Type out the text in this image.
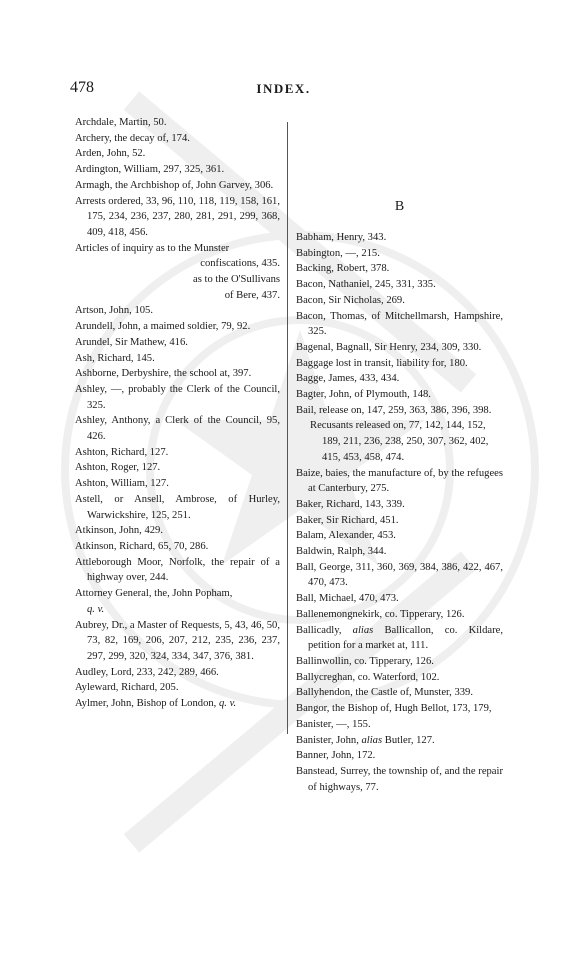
478	INDEX.
Archdale, Martin, 50.
Archery, the decay of, 174.
Arden, John, 52.
Ardington, William, 297, 325, 361.
Armagh, the Archbishop of, John Garvey, 306.
Arrests ordered, 33, 96, 110, 118, 119, 158, 161, 175, 234, 236, 237, 280, 281, 291, 299, 368, 409, 418, 456.
Articles of inquiry as to the Munster
confiscations, 435.
as to the O'Sullivans
of Bere, 437.
Artson, John, 105.
Arundell, John, a maimed soldier, 79, 92.
Arundel, Sir Mathew, 416.
Ash, Richard, 145.
Ashborne, Derbyshire, the school at, 397.
Ashley, —, probably the Clerk of the Council, 325.
Ashley, Anthony, a Clerk of the Council, 95, 426.
Ashton, Richard, 127.
Ashton, Roger, 127.
Ashton, William, 127.
Astell, or Ansell, Ambrose, of Hurley, Warwickshire, 125, 251.
Atkinson, John, 429.
Atkinson, Richard, 65, 70, 286.
Attleborough Moor, Norfolk, the repair of a highway over, 244.
Attorney General, the, John Popham,
q. v.
Aubrey, Dr., a Master of Requests, 5, 43, 46, 50, 73, 82, 169, 206, 207, 212, 235, 236, 237, 297, 299, 320, 324, 334, 347, 376, 381.
Audley, Lord, 233, 242, 289, 466.
Ayleward, Richard, 205.
Aylmer, John, Bishop of London, q. v.
B
Babham, Henry, 343.
Babington, —, 215.
Backing, Robert, 378.
Bacon, Nathaniel, 245, 331, 335.
Bacon, Sir Nicholas, 269.
Bacon, Thomas, of Mitchellmarsh, Hampshire, 325.
Bagenal, Bagnall, Sir Henry, 234, 309, 330.
Baggage lost in transit, liability for, 180.
Bagge, James, 433, 434.
Bagter, John, of Plymouth, 148.
Bail, release on, 147, 259, 363, 386, 396, 398.
Recusants released on, 77, 142, 144, 152, 189, 211, 236, 238, 250, 307, 362, 402, 415, 453, 458, 474.
Baize, baies, the manufacture of, by the refugees at Canterbury, 275.
Baker, Richard, 143, 339.
Baker, Sir Richard, 451.
Balam, Alexander, 453.
Baldwin, Ralph, 344.
Ball, George, 311, 360, 369, 384, 386, 422, 467, 470, 473.
Ball, Michael, 470, 473.
Ballenemongnekirk, co. Tipperary, 126.
Ballicadly, alias Ballicallon, co. Kildare, petition for a market at, 111.
Ballinwollin, co. Tipperary, 126.
Ballycreghan, co. Waterford, 102.
Ballyhendon, the Castle of, Munster, 339.
Bangor, the Bishop of, Hugh Bellot, 173, 179,
Banister, —, 155.
Banister, John, alias Butler, 127.
Banner, John, 172.
Banstead, Surrey, the township of, and the repair of highways, 77.
